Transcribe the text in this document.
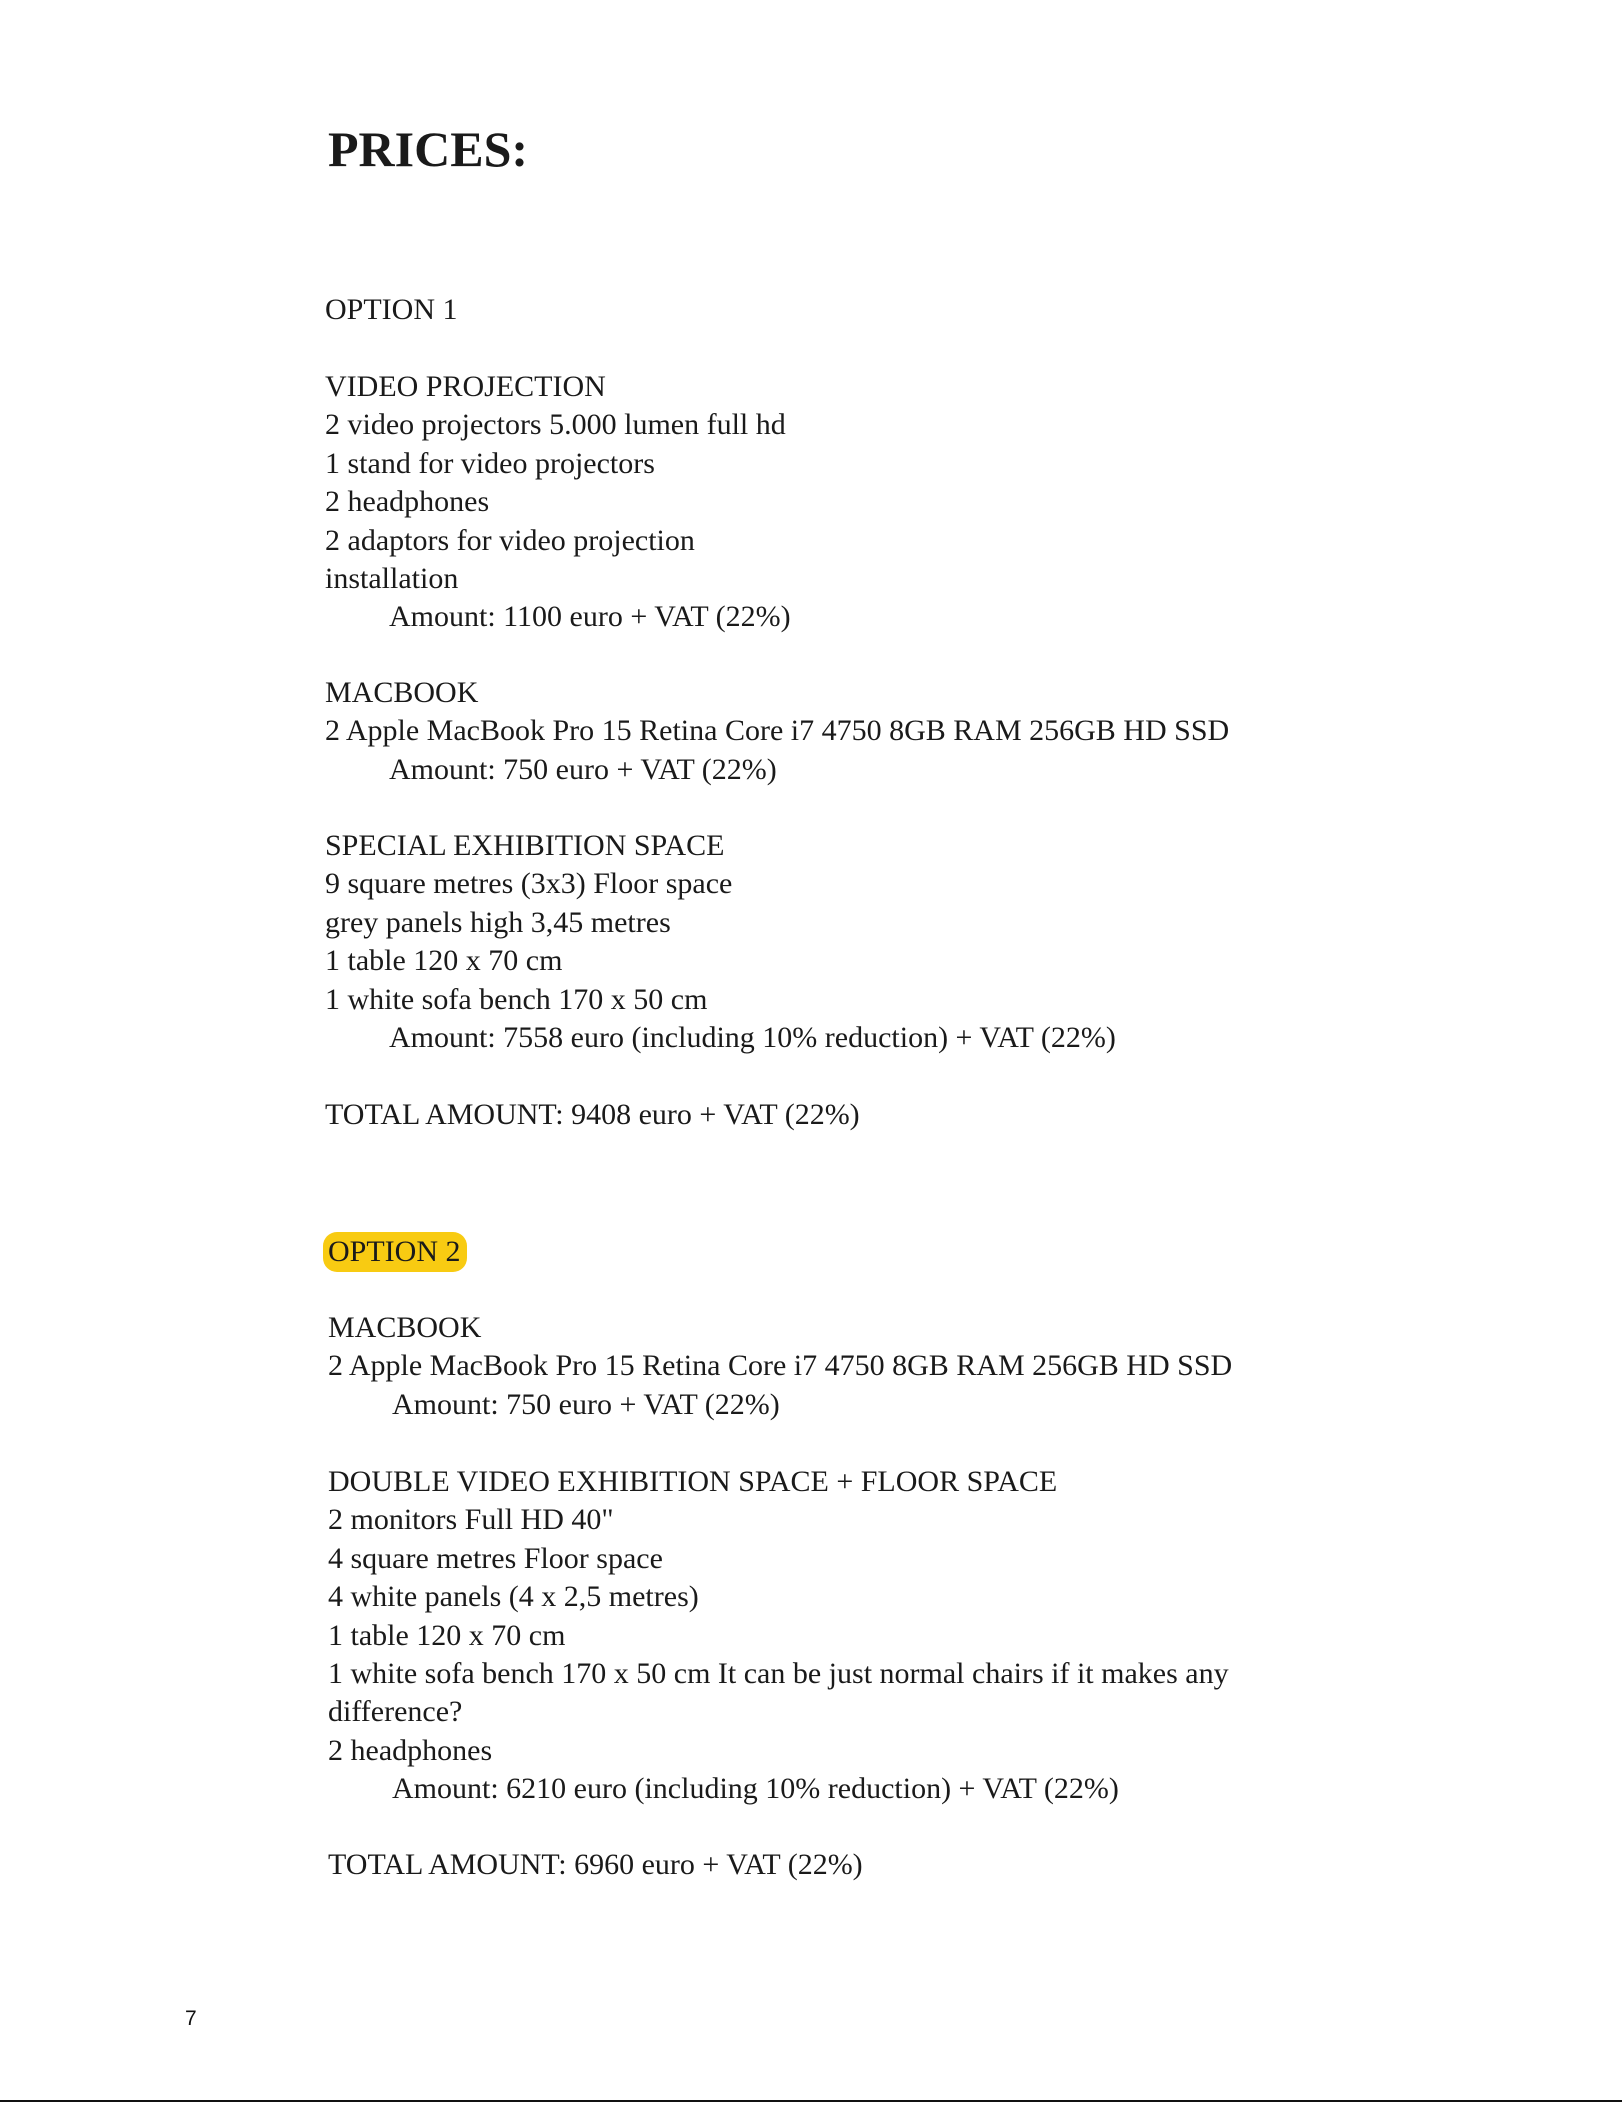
PRICES:
OPTION 1
VIDEO PROJECTION
2 video projectors 5.000 lumen full hd
1 stand for video projectors
2 headphones
2 adaptors for video projection
installation
Amount: 1100 euro + VAT (22%)
MACBOOK
2 Apple MacBook Pro 15 Retina Core i7 4750 8GB RAM 256GB HD SSD
Amount: 750 euro + VAT (22%)
SPECIAL EXHIBITION SPACE
9 square metres (3x3) Floor space
grey panels high 3,45 metres
1 table 120 x 70 cm
1 white sofa bench 170 x 50 cm
Amount: 7558 euro (including 10% reduction) + VAT (22%)
TOTAL AMOUNT: 9408 euro + VAT (22%)
OPTION 2
MACBOOK
2 Apple MacBook Pro 15 Retina Core i7 4750 8GB RAM 256GB HD SSD
Amount: 750 euro + VAT (22%)
DOUBLE VIDEO EXHIBITION SPACE + FLOOR SPACE
2 monitors Full HD 40"
4 square metres Floor space
4 white panels (4 x 2,5 metres)
1 table 120 x 70 cm
1 white sofa bench 170 x 50 cm It can be just normal chairs if it makes any
difference?
2 headphones
Amount: 6210 euro (including 10% reduction) + VAT (22%)
TOTAL AMOUNT: 6960 euro + VAT (22%)
7
